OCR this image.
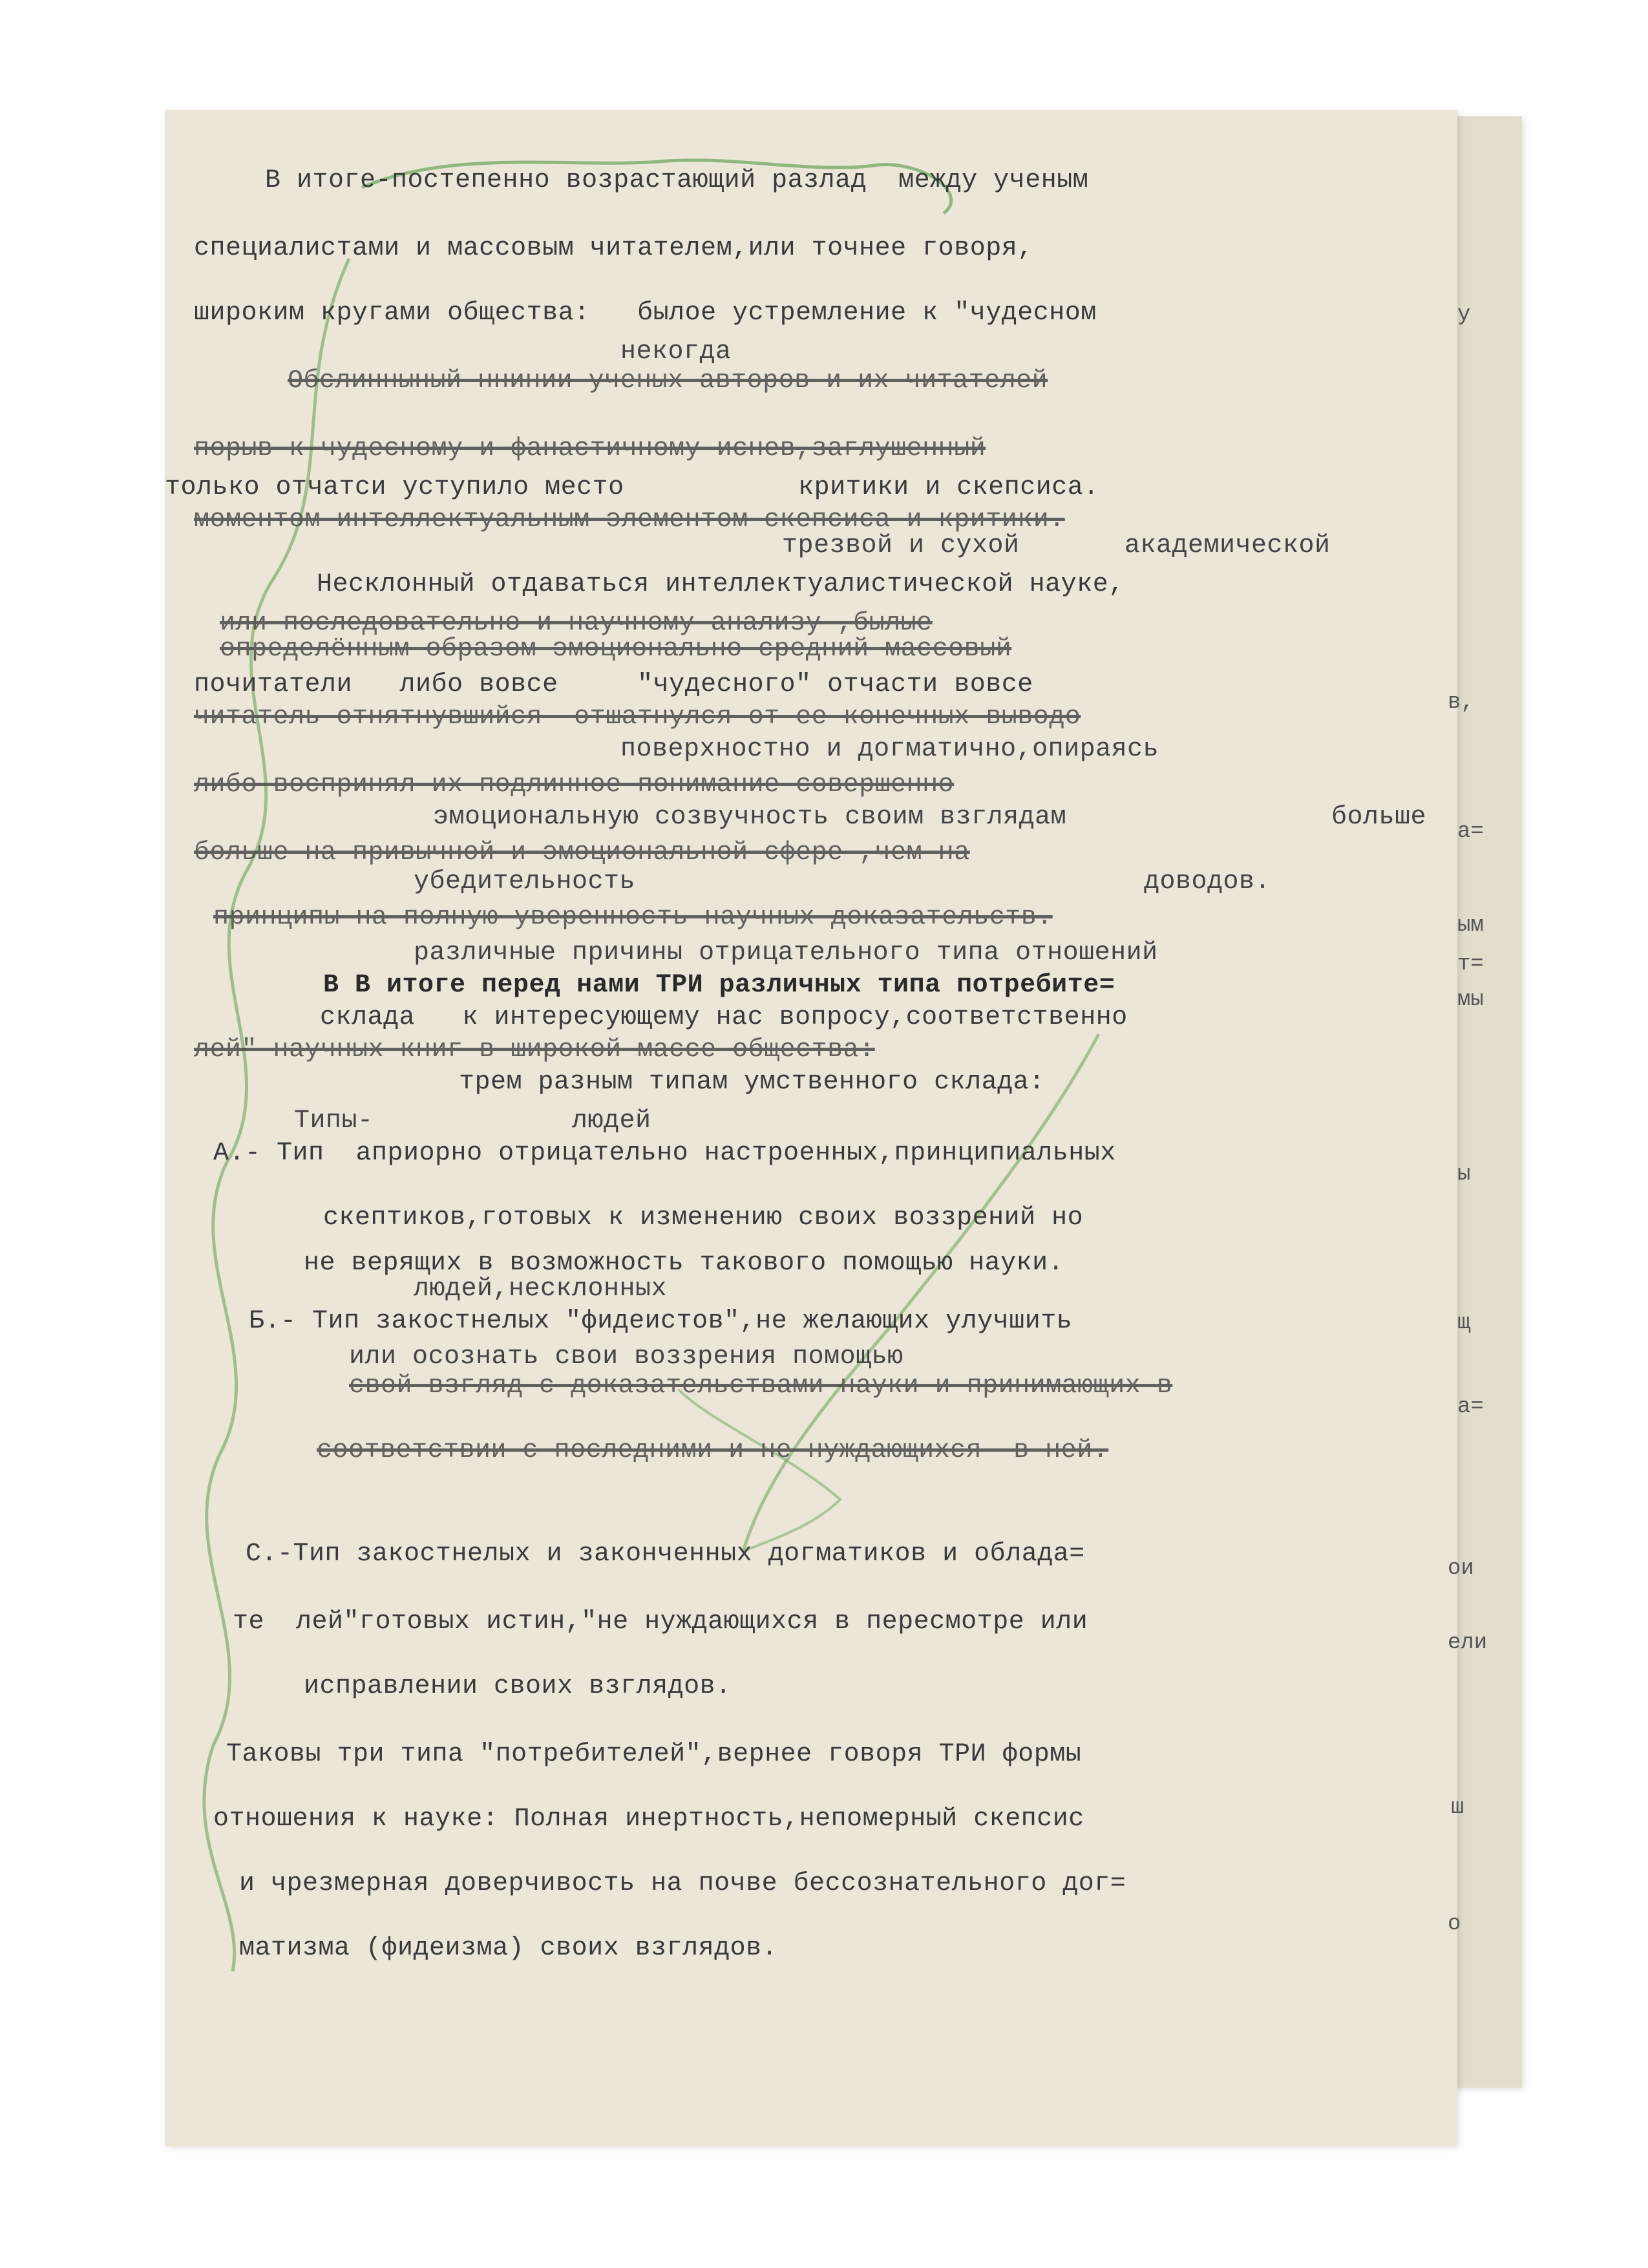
В итоге-постепенно возрастающий разлад  между ученым
специалистами и массовым читателем,или точнее говоря,
широким кругами общества:   былое устремление к "чудесном
некогда
Обслинныный ннинии ученых авторов и их читателей
порыв к чудесному и фанастичному иснев,заглушенный
только отчатси уступило место           критики и скепсиса.
моментом интеллектуальным элементом скепсиса и критики.
трезвой и сухой	академической
Несклонный отдаваться интеллектуалистической науке,
или последовательно и научному анализу ,былые
определённым образом эмоционально средний массовый
почитатели   либо вовсе     "чудесного" отчасти вовсе
читатель отнятнувшийся  отшатнулся от ее конечных выводо
поверхностно и догматично,опираясь
либо воспринял их подлинное понимание совершенно
эмоциональную созвучность своим взглядам	больше
больше на привычной и эмоциональной сфере ,чем на
убедительность	доводов.
принципы на полную уверенность научных доказательств.
различные причины отрицательного типа отношений
В В итоге перед нами ТРИ различных типа потребите=
склада   к интересующему нас вопросу,соответственно
лей" научных книг в широкой массе общества:
трем разным типам умственного склада:
Типы-	людей
А.- Тип  априорно отрицательно настроенных,принципиальных
скептиков,готовых к изменению своих воззрений но
не верящих в возможность такового помощью науки.
людей,несклонных
Б.- Тип закостнелых "фидеистов",не желающих улучшить
или осознать свои воззрения помощью
свой взгляд с доказательствами науки и принимающих в
соответствии с последними и не нуждающихся  в ней.
С.-Тип закостнелых и законченных догматиков и облада=
те  лей"готовых истин,"не нуждающихся в пересмотре или
исправлении своих взглядов.
Таковы три типа "потребителей",вернее говоря ТРИ формы
отношения к науке: Полная инертность,непомерный скепсис
и чрезмерная доверчивость на почве бессознательного дог=
матизма (фидеизма) своих взглядов.
у
в,
а=
ым
т=
мы
ы
щ
а=
ои
ели
ш
о
